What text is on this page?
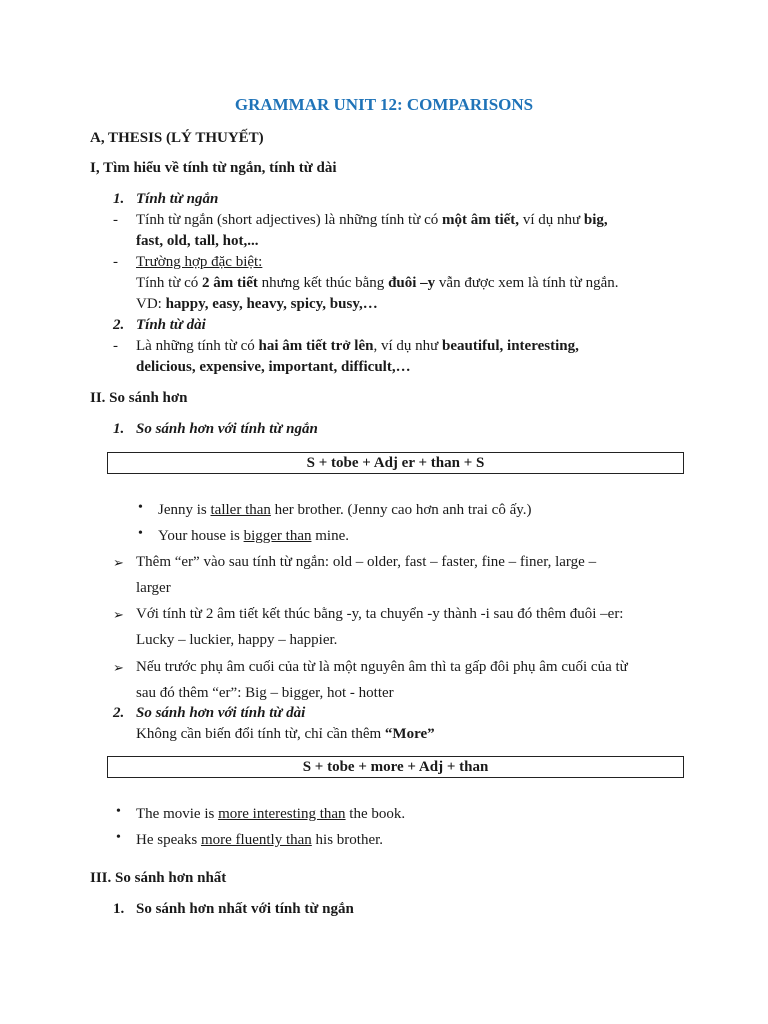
GRAMMAR UNIT 12: COMPARISONS
A, THESIS (LÝ THUYẾT)
I, Tìm hiểu về tính từ ngắn, tính từ dài
1. Tính từ ngắn
- Tính từ ngắn (short adjectives) là những tính từ có một âm tiết, ví dụ như big,
fast, old, tall, hot,...
- Trường hợp đặc biệt:
Tính từ có 2 âm tiết nhưng kết thúc bằng đuôi –y vẫn được xem là tính từ ngắn.
VD: happy, easy, heavy, spicy, busy,…
2. Tính từ dài
- Là những tính từ có hai âm tiết trở lên, ví dụ như beautiful, interesting,
delicious, expensive, important, difficult,…
II. So sánh hơn
1. So sánh hơn với tính từ ngắn
S + tobe + Adj er + than + S
• Jenny is taller than her brother. (Jenny cao hơn anh trai cô ấy.)
• Your house is bigger than mine.
➢ Thêm “er” vào sau tính từ ngắn: old – older, fast – faster, fine – finer, large –
larger
➢ Với tính từ 2 âm tiết kết thúc bằng -y, ta chuyển -y thành -i sau đó thêm đuôi –er:
Lucky – luckier, happy – happier.
➢ Nếu trước phụ âm cuối của từ là một nguyên âm thì ta gấp đôi phụ âm cuối của từ
sau đó thêm “er”: Big – bigger, hot - hotter
2. So sánh hơn với tính từ dài
Không cần biến đổi tính từ, chỉ cần thêm “More”
S + tobe + more + Adj + than
• The movie is more interesting than the book.
• He speaks more fluently than his brother.
III. So sánh hơn nhất
1. So sánh hơn nhất với tính từ ngắn
